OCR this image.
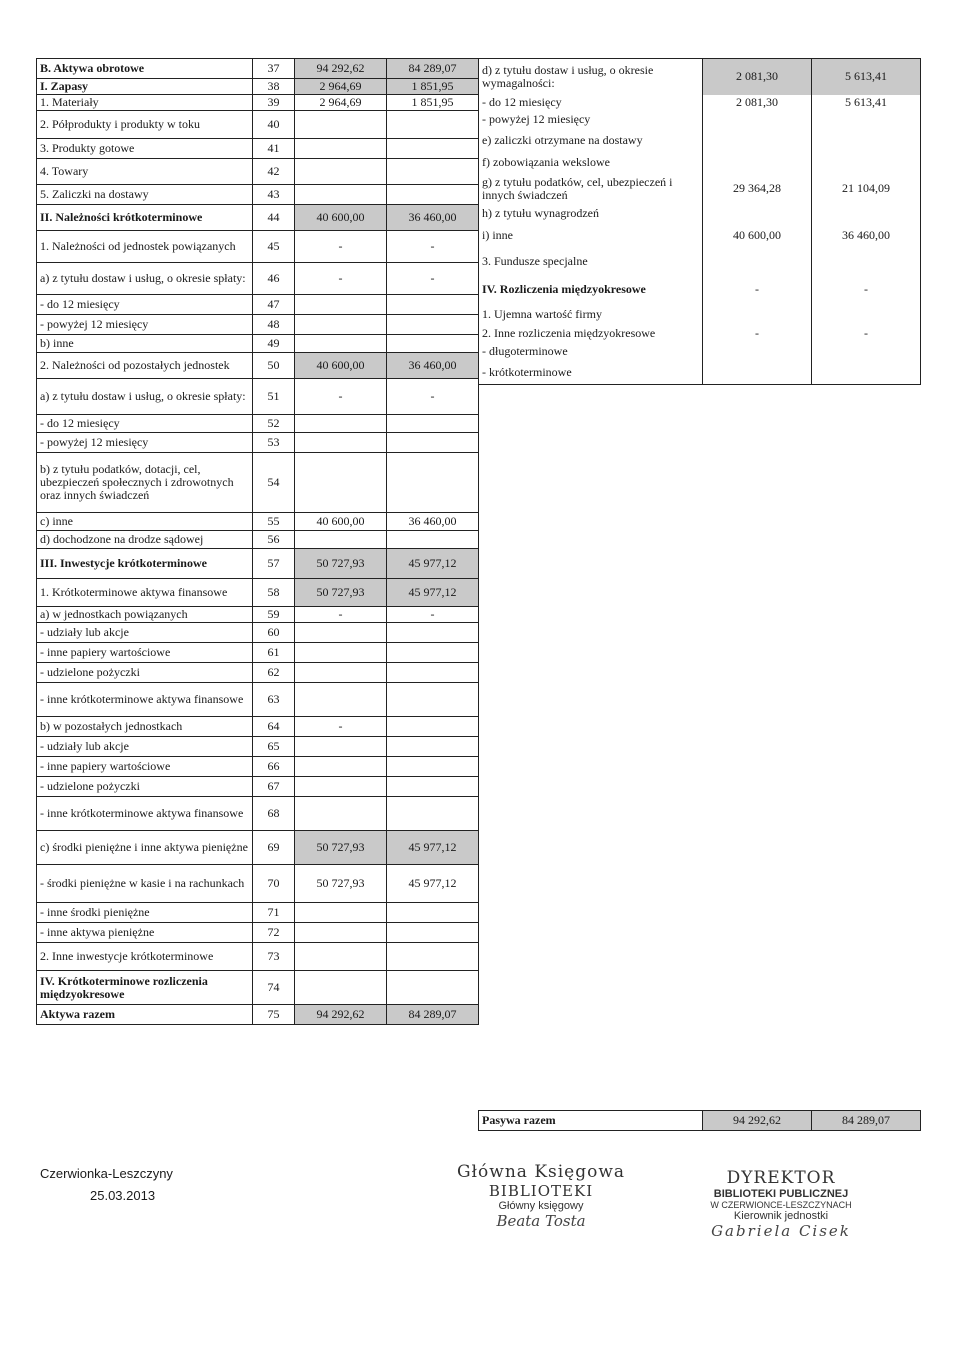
B. Aktywa obrotowe	37	94 292,62	84 289,07
I. Zapasy	38	2 964,69	1 851,95
1. Materiały	39	2 964,69	1 851,95
2. Półprodukty i produkty w toku	40		
3. Produkty gotowe	41		
4. Towary	42		
5. Zaliczki na dostawy	43		
II. Należności krótkoterminowe	44	40 600,00	36 460,00
1. Należności od jednostek powiązanych	45	-	-
a) z tytułu dostaw i usług, o okresie spłaty:	46	-	-
- do 12 miesięcy	47		
- powyżej 12 miesięcy	48		
b) inne	49		
2. Należności od pozostałych jednostek	50	40 600,00	36 460,00
a) z tytułu dostaw i usług, o okresie spłaty:	51	-	-
- do 12 miesięcy	52		
- powyżej 12 miesięcy	53		
b) z tytułu podatków, dotacji, cel, ubezpieczeń społecznych i zdrowotnych oraz innych świadczeń	54		
c) inne	55	40 600,00	36 460,00
d) dochodzone na drodze sądowej	56		
III. Inwestycje krótkoterminowe	57	50 727,93	45 977,12
1. Krótkoterminowe aktywa finansowe	58	50 727,93	45 977,12
a) w jednostkach powiązanych	59	-	-
- udziały lub akcje	60		
- inne papiery wartościowe	61		
- udzielone pożyczki	62		
- inne krótkoterminowe aktywa finansowe	63		
b) w pozostałych jednostkach	64	-	
- udziały lub akcje	65		
- inne papiery wartościowe	66		
- udzielone pożyczki	67		
- inne krótkoterminowe aktywa finansowe	68		
c) środki pieniężne i inne aktywa pieniężne	69	50 727,93	45 977,12
- środki pieniężne w kasie i na rachunkach	70	50 727,93	45 977,12
- inne środki pieniężne	71		
- inne aktywa pieniężne	72		
2. Inne inwestycje krótkoterminowe	73		
IV. Krótkoterminowe rozliczenia międzyokresowe	74		
Aktywa razem	75	94 292,62	84 289,07
d) z tytułu dostaw i usług, o okresie wymagalności:	2 081,30	5 613,41
- do 12 miesięcy	2 081,30	5 613,41
- powyżej 12 miesięcy		
e) zaliczki otrzymane na dostawy		
f) zobowiązania wekslowe		
g) z tytułu podatków, cel, ubezpieczeń i innych świadczeń	29 364,28	21 104,09
h) z tytułu wynagrodzeń		
i) inne	40 600,00	36 460,00
3. Fundusze specjalne		
IV. Rozliczenia międzyokresowe	-	-
1. Ujemna wartość firmy		
2. Inne rozliczenia międzyokresowe	-	-
- długoterminowe		
- krótkoterminowe		
Pasywa razem	94 292,62	84 289,07
Czerwionka-Leszczyny
25.03.2013
Główna Księgowa
BIBLIOTEKI
Główny księgowy
Beata Tosta
DYREKTOR
BIBLIOTEKI PUBLICZNEJ
W CZERWIONCE-LESZCZYNACH
Kierownik jednostki
Gabriela Cisek
